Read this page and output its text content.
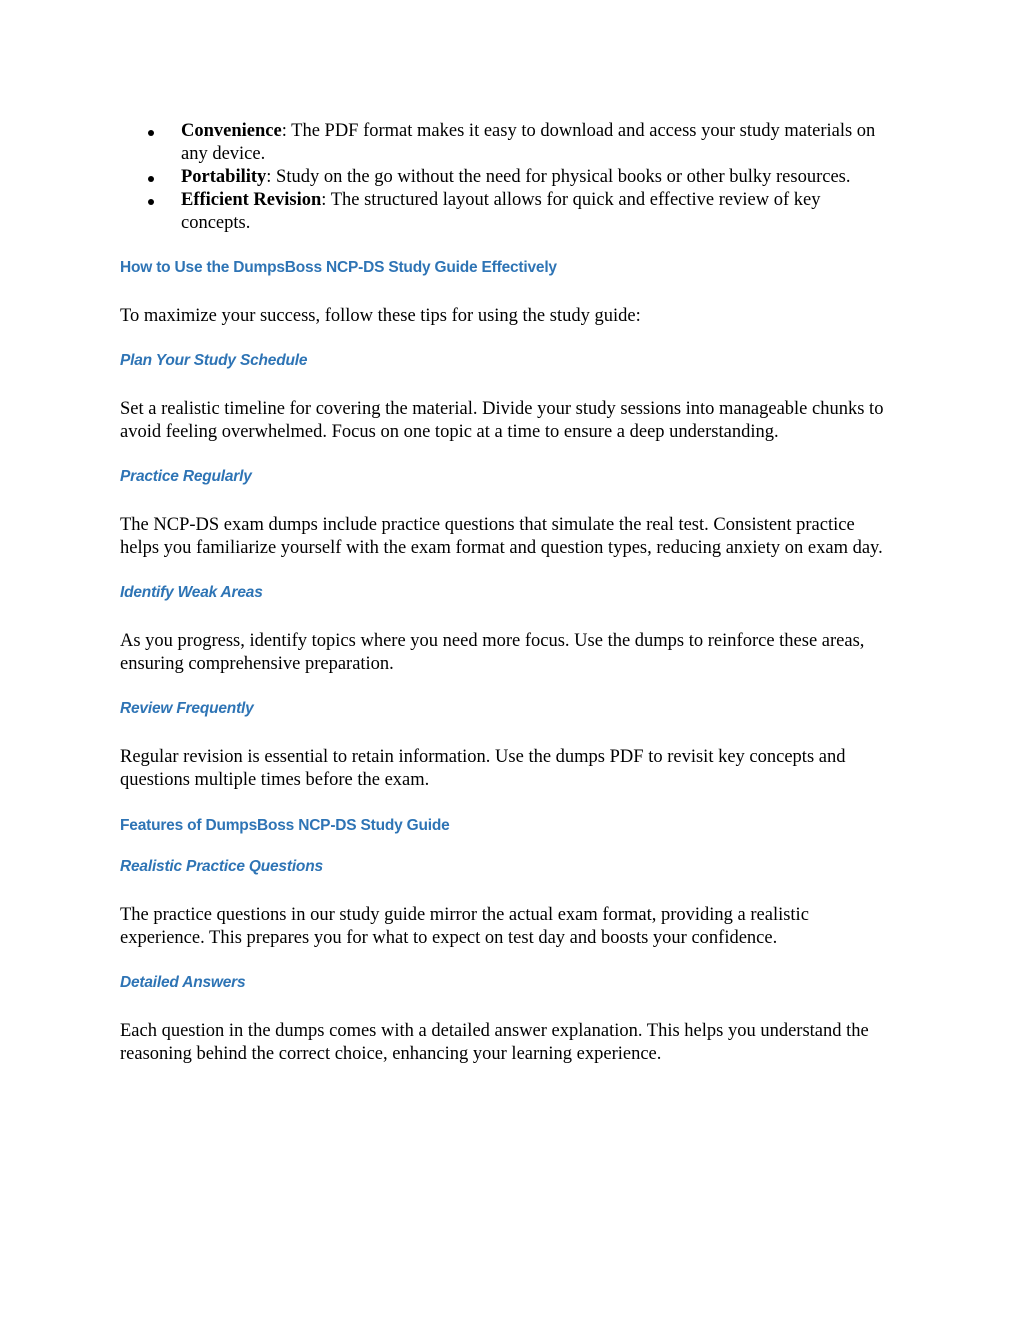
Convenience: The PDF format makes it easy to download and access your study materials on any device.
Portability: Study on the go without the need for physical books or other bulky resources.
Efficient Revision: The structured layout allows for quick and effective review of key concepts.
How to Use the DumpsBoss NCP-DS Study Guide Effectively

To maximize your success, follow these tips for using the study guide:

Plan Your Study Schedule

Set a realistic timeline for covering the material. Divide your study sessions into manageable chunks to avoid feeling overwhelmed. Focus on one topic at a time to ensure a deep understanding.

Practice Regularly

The NCP-DS exam dumps include practice questions that simulate the real test. Consistent practice helps you familiarize yourself with the exam format and question types, reducing anxiety on exam day.

Identify Weak Areas

As you progress, identify topics where you need more focus. Use the dumps to reinforce these areas, ensuring comprehensive preparation.

Review Frequently

Regular revision is essential to retain information. Use the dumps PDF to revisit key concepts and questions multiple times before the exam.

Features of DumpsBoss NCP-DS Study Guide
Realistic Practice Questions

The practice questions in our study guide mirror the actual exam format, providing a realistic experience. This prepares you for what to expect on test day and boosts your confidence.

Detailed Answers

Each question in the dumps comes with a detailed answer explanation. This helps you understand the reasoning behind the correct choice, enhancing your learning experience.
